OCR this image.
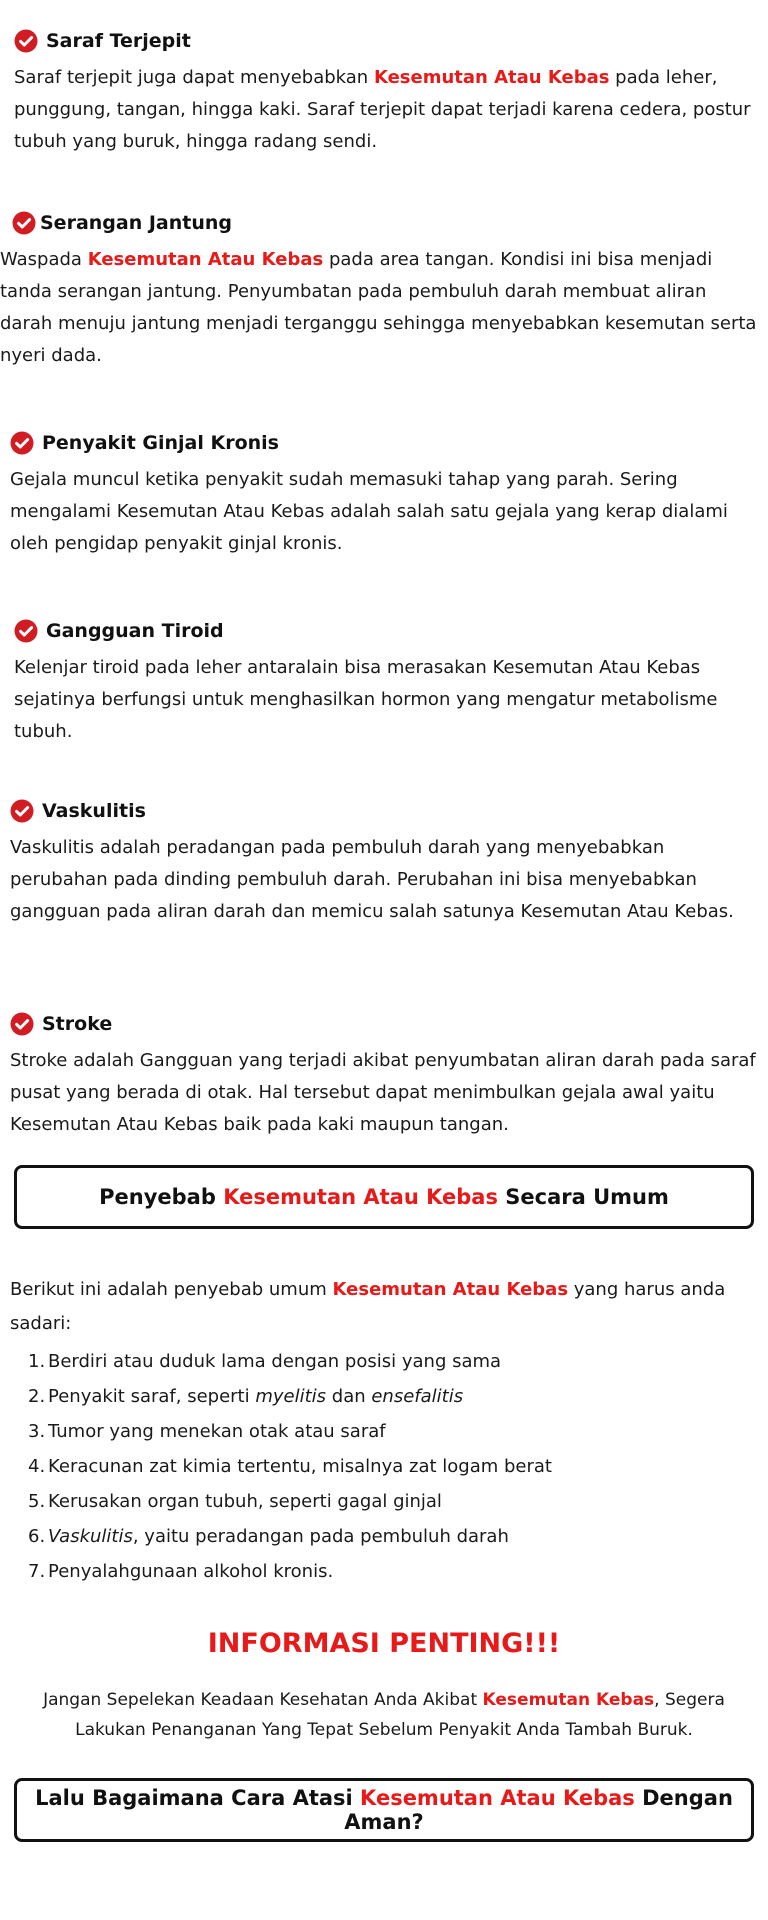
Saraf Terjepit

Saraf terjepit juga dapat menyebabkan Kesemutan Atau Kebas pada leher, punggung, tangan, hingga kaki. Saraf terjepit dapat terjadi karena cedera, postur tubuh yang buruk, hingga radang sendi.

Serangan Jantung

Waspada Kesemutan Atau Kebas pada area tangan. Kondisi ini bisa menjadi tanda serangan jantung. Penyumbatan pada pembuluh darah membuat aliran darah menuju jantung menjadi terganggu sehingga menyebabkan kesemutan serta nyeri dada.

Penyakit Ginjal Kronis

Gejala muncul ketika penyakit sudah memasuki tahap yang parah. Sering mengalami Kesemutan Atau Kebas adalah salah satu gejala yang kerap dialami oleh pengidap penyakit ginjal kronis.

Gangguan Tiroid

Kelenjar tiroid pada leher antaralain bisa merasakan Kesemutan Atau Kebas sejatinya berfungsi untuk menghasilkan hormon yang mengatur metabolisme tubuh.

Vaskulitis

Vaskulitis adalah peradangan pada pembuluh darah yang menyebabkan perubahan pada dinding pembuluh darah. Perubahan ini bisa menyebabkan gangguan pada aliran darah dan memicu salah satunya Kesemutan Atau Kebas.

Stroke

Stroke adalah Gangguan yang terjadi akibat penyumbatan aliran darah pada saraf pusat yang berada di otak. Hal tersebut dapat menimbulkan gejala awal yaitu Kesemutan Atau Kebas baik pada kaki maupun tangan.

Penyebab Kesemutan Atau Kebas Secara Umum
Berikut ini adalah penyebab umum Kesemutan Atau Kebas yang harus anda sadari:
1. Berdiri atau duduk lama dengan posisi yang sama
2. Penyakit saraf, seperti myelitis dan ensefalitis
3. Tumor yang menekan otak atau saraf
4. Keracunan zat kimia tertentu, misalnya zat logam berat
5. Kerusakan organ tubuh, seperti gagal ginjal
6. Vaskulitis, yaitu peradangan pada pembuluh darah
7. Penyalahgunaan alkohol kronis.
INFORMASI PENTING!!!
Jangan Sepelekan Keadaan Kesehatan Anda Akibat Kesemutan Kebas, Segera Lakukan Penanganan Yang Tepat Sebelum Penyakit Anda Tambah Buruk.
Lalu Bagaimana Cara Atasi Kesemutan Atau Kebas Dengan Aman?
